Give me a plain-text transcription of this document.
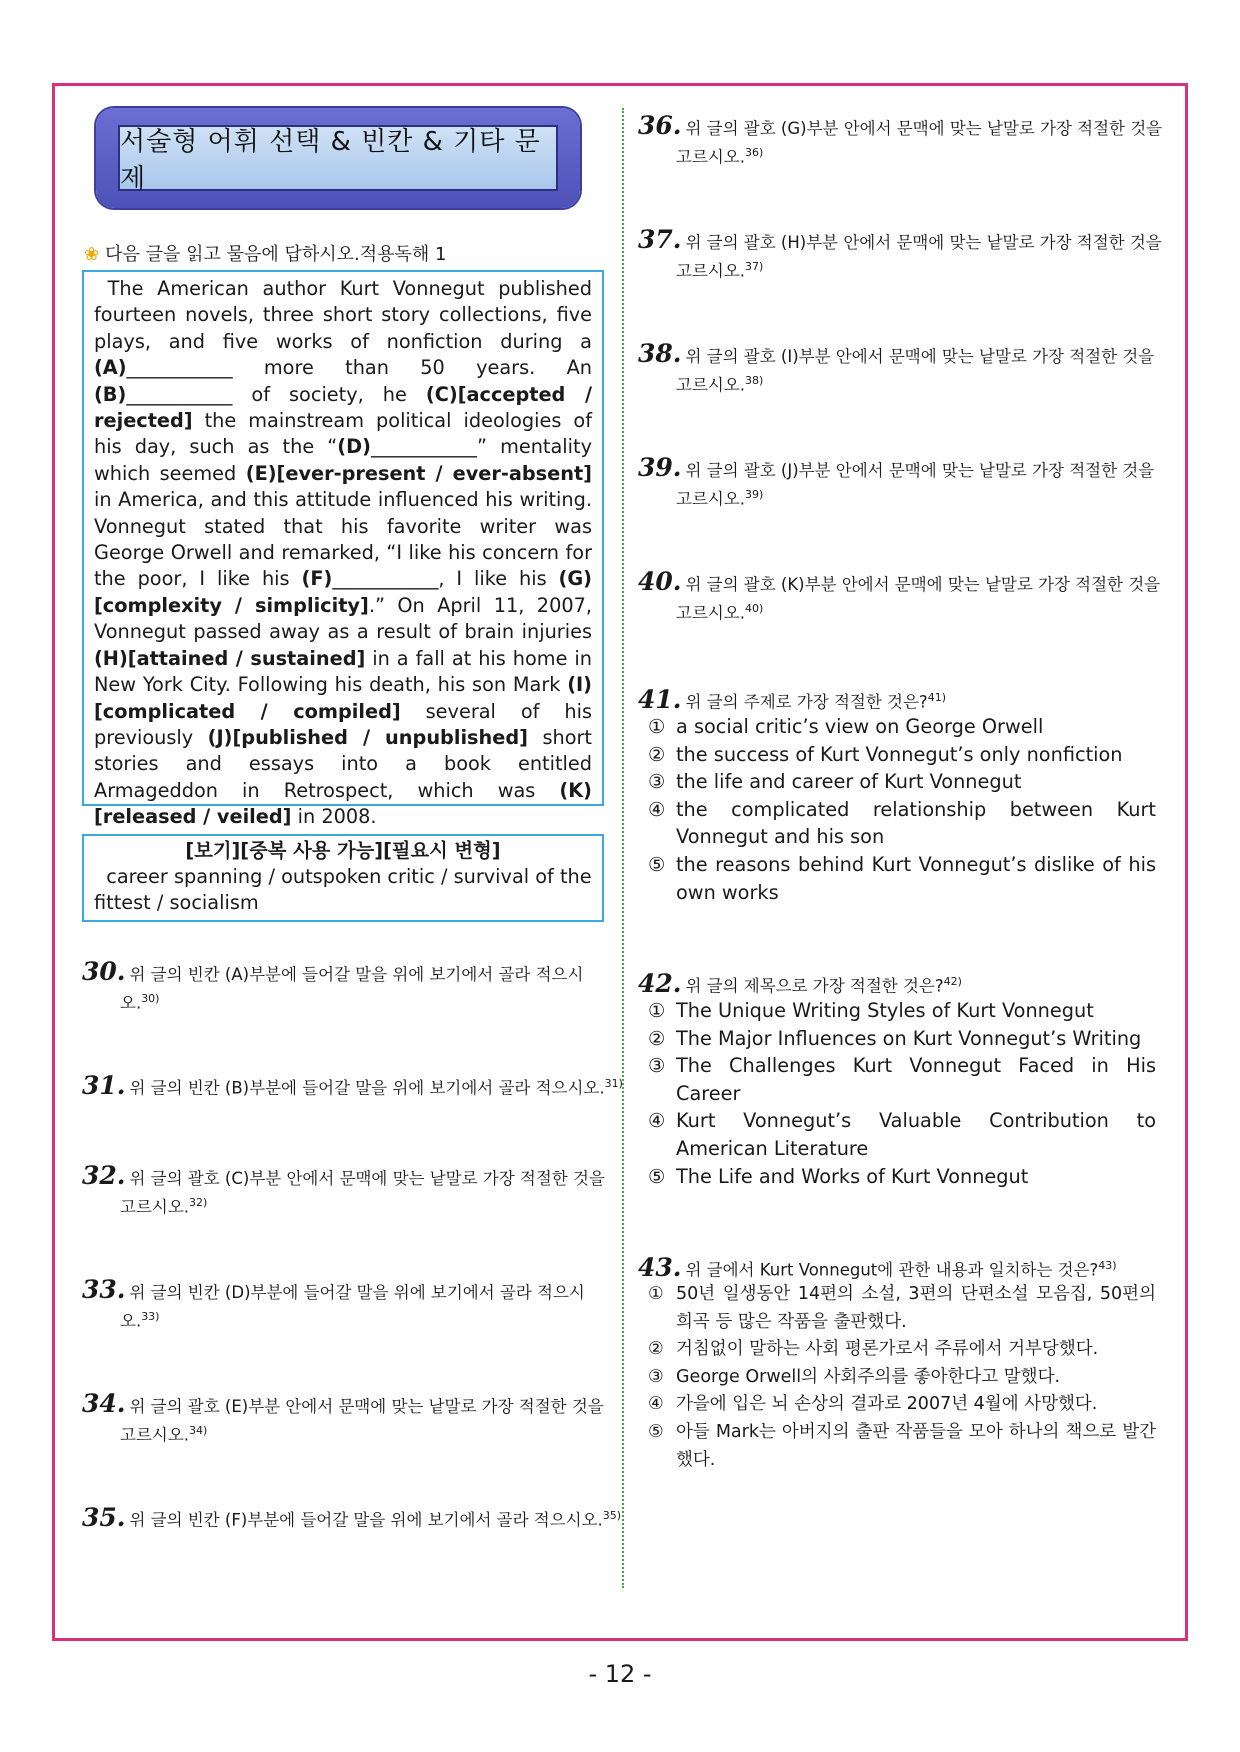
서술형 어휘 선택 & 빈칸 & 기타 문제
❀ 다음 글을 읽고 물음에 답하시오.적용독해 1
The American author Kurt Vonnegut published fourteen novels, three short story collections, five plays, and five works of nonfiction during a (A)___________ more than 50 years. An (B)___________ of society, he (C)[accepted / rejected] the mainstream political ideologies of his day, such as the “(D)___________” mentality which seemed (E)[ever-present / ever-absent] in America, and this attitude influenced his writing. Vonnegut stated that his favorite writer was George Orwell and remarked, “I like his concern for the poor, I like his (F)___________, I like his (G)[complexity / simplicity].” On April 11, 2007, Vonnegut passed away as a result of brain injuries (H)[attained / sustained] in a fall at his home in New York City. Following his death, his son Mark (I)[complicated / compiled] several of his previously (J)[published / unpublished] short stories and essays into a book entitled Armageddon in Retrospect, which was (K)[released / veiled] in 2008.
[보기][중복 사용 가능][필요시 변형]
career spanning / outspoken critic / survival of the fittest / socialism
30. 위 글의 빈칸 (A)부분에 들어갈 말을 위에 보기에서 골라 적으시
오.$^{30)}$
31. 위 글의 빈칸 (B)부분에 들어갈 말을 위에 보기에서 골라 적으시오.$^{31)}$
32. 위 글의 괄호 (C)부분 안에서 문맥에 맞는 낱말로 가장 적절한 것을
고르시오.$^{32)}$
33. 위 글의 빈칸 (D)부분에 들어갈 말을 위에 보기에서 골라 적으시
오.$^{33)}$
34. 위 글의 괄호 (E)부분 안에서 문맥에 맞는 낱말로 가장 적절한 것을
고르시오.$^{34)}$
35. 위 글의 빈칸 (F)부분에 들어갈 말을 위에 보기에서 골라 적으시오.$^{35)}$
36. 위 글의 괄호 (G)부분 안에서 문맥에 맞는 낱말로 가장 적절한 것을
고르시오.$^{36)}$
37. 위 글의 괄호 (H)부분 안에서 문맥에 맞는 낱말로 가장 적절한 것을
고르시오.$^{37)}$
38. 위 글의 괄호 (I)부분 안에서 문맥에 맞는 낱말로 가장 적절한 것을
고르시오.$^{38)}$
39. 위 글의 괄호 (J)부분 안에서 문맥에 맞는 낱말로 가장 적절한 것을
고르시오.$^{39)}$
40. 위 글의 괄호 (K)부분 안에서 문맥에 맞는 낱말로 가장 적절한 것을
고르시오.$^{40)}$
41. 위 글의 주제로 가장 적절한 것은?$^{41)}$
① a social critic’s view on George Orwell
② the success of Kurt Vonnegut’s only nonfiction
③ the life and career of Kurt Vonnegut
④ the complicated relationship between Kurt Vonnegut and his son
⑤ the reasons behind Kurt Vonnegut’s dislike of his own works
42. 위 글의 제목으로 가장 적절한 것은?$^{42)}$
① The Unique Writing Styles of Kurt Vonnegut
② The Major Influences on Kurt Vonnegut’s Writing
③ The Challenges Kurt Vonnegut Faced in His Career
④ Kurt Vonnegut’s Valuable Contribution to American Literature
⑤ The Life and Works of Kurt Vonnegut
43. 위 글에서 Kurt Vonnegut에 관한 내용과 일치하는 것은?$^{43)}$
① 50년 일생동안 14편의 소설, 3편의 단편소설 모음집, 50편의 희곡 등 많은 작품을 출판했다.
② 거침없이 말하는 사회 평론가로서 주류에서 거부당했다.
③ George Orwell의 사회주의를 좋아한다고 말했다.
④ 가을에 입은 뇌 손상의 결과로 2007년 4월에 사망했다.
⑤ 아들 Mark는 아버지의 출판 작품들을 모아 하나의 책으로 발간했다.
- 12 -
